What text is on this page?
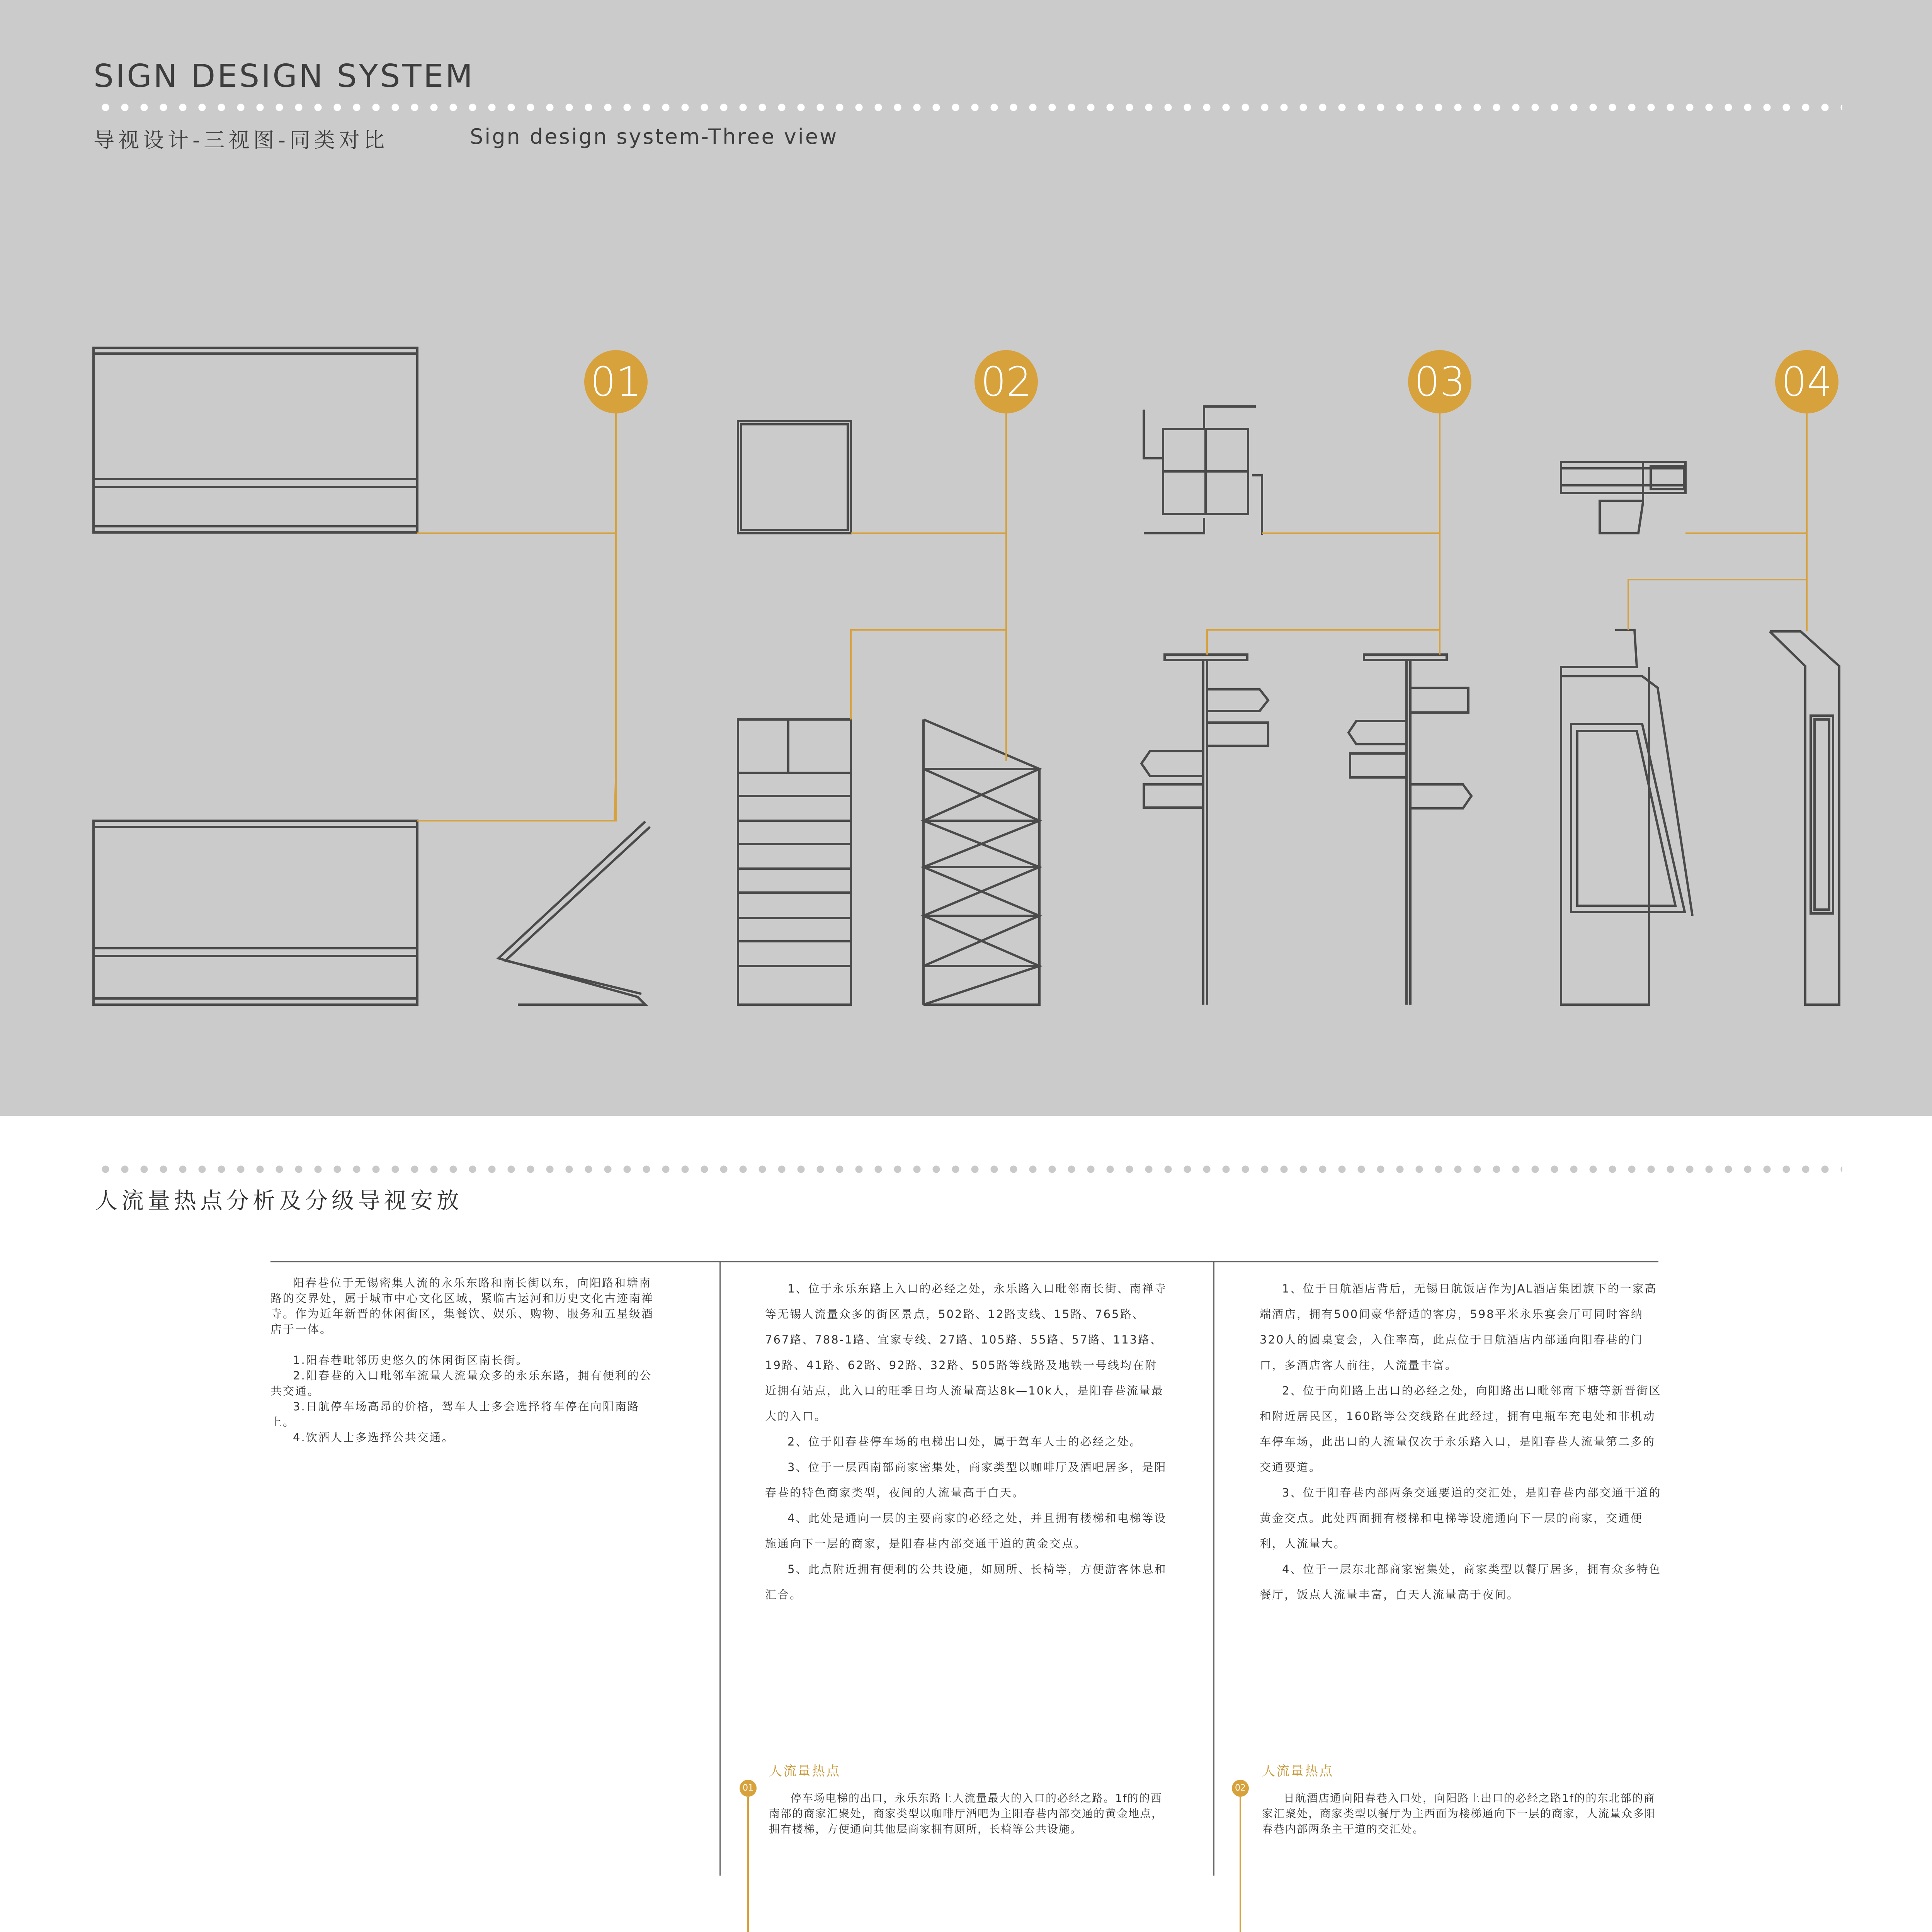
SIGN DESIGN SYSTEM
导视设计-三视图-同类对比	Sign design system-Three view
01	02	03	04
人流量热点分析及分级导视安放

阳春巷位于无锡密集人流的永乐东路和南长街以东，向阳路和塘南路的交界处，属于城市中心文化区域，紧临古运河和历史文化古迹南禅寺。作为近年新晋的休闲街区，集餐饮、娱乐、购物、服务和五星级酒店于一体。

1.阳春巷毗邻历史悠久的休闲街区南长街。

2.阳春巷的入口毗邻车流量人流量众多的永乐东路，拥有便利的公共交通。

3.日航停车场高昂的价格，驾车人士多会选择将车停在向阳南路上。

4.饮酒人士多选择公共交通。

1、位于永乐东路上入口的必经之处，永乐路入口毗邻南长街、南禅寺等无锡人流量众多的街区景点，502路、12路支线、15路、765路、767路、788-1路、宜家专线、27路、105路、55路、57路、113路、19路、41路、62路、92路、32路、505路等线路及地铁一号线均在附近拥有站点，此入口的旺季日均人流量高达8k—10k人，是阳春巷流量最大的入口。

2、位于阳春巷停车场的电梯出口处，属于驾车人士的必经之处。

3、位于一层西南部商家密集处，商家类型以咖啡厅及酒吧居多，是阳春巷的特色商家类型，夜间的人流量高于白天。

4、此处是通向一层的主要商家的必经之处，并且拥有楼梯和电梯等设施通向下一层的商家，是阳春巷内部交通干道的黄金交点。

5、此点附近拥有便利的公共设施，如厕所、长椅等，方便游客休息和汇合。

1、位于日航酒店背后，无锡日航饭店作为JAL酒店集团旗下的一家高端酒店，拥有500间豪华舒适的客房，598平米永乐宴会厅可同时容纳320人的圆桌宴会，入住率高，此点位于日航酒店内部通向阳春巷的门口，多酒店客人前往，人流量丰富。

2、位于向阳路上出口的必经之处，向阳路出口毗邻南下塘等新晋街区和附近居民区，160路等公交线路在此经过，拥有电瓶车充电处和非机动车停车场，此出口的人流量仅次于永乐路入口，是阳春巷人流量第二多的交通要道。

3、位于阳春巷内部两条交通要道的交汇处，是阳春巷内部交通干道的黄金交点。此处西面拥有楼梯和电梯等设施通向下一层的商家，交通便利，人流量大。

4、位于一层东北部商家密集处，商家类型以餐厅居多，拥有众多特色餐厅，饭点人流量丰富，白天人流量高于夜间。

人流量热点
01
停车场电梯的出口，永乐东路上人流量最大的入口的必经之路。1f的的西南部的商家汇聚处，商家类型以咖啡厅酒吧为主阳春巷内部交通的黄金地点，拥有楼梯，方便通向其他层商家拥有厕所，长椅等公共设施。
人流量热点
02
日航酒店通向阳春巷入口处，向阳路上出口的必经之路1f的的东北部的商家汇聚处，商家类型以餐厅为主西面为楼梯通向下一层的商家，人流量众多阳春巷内部两条主干道的交汇处。
